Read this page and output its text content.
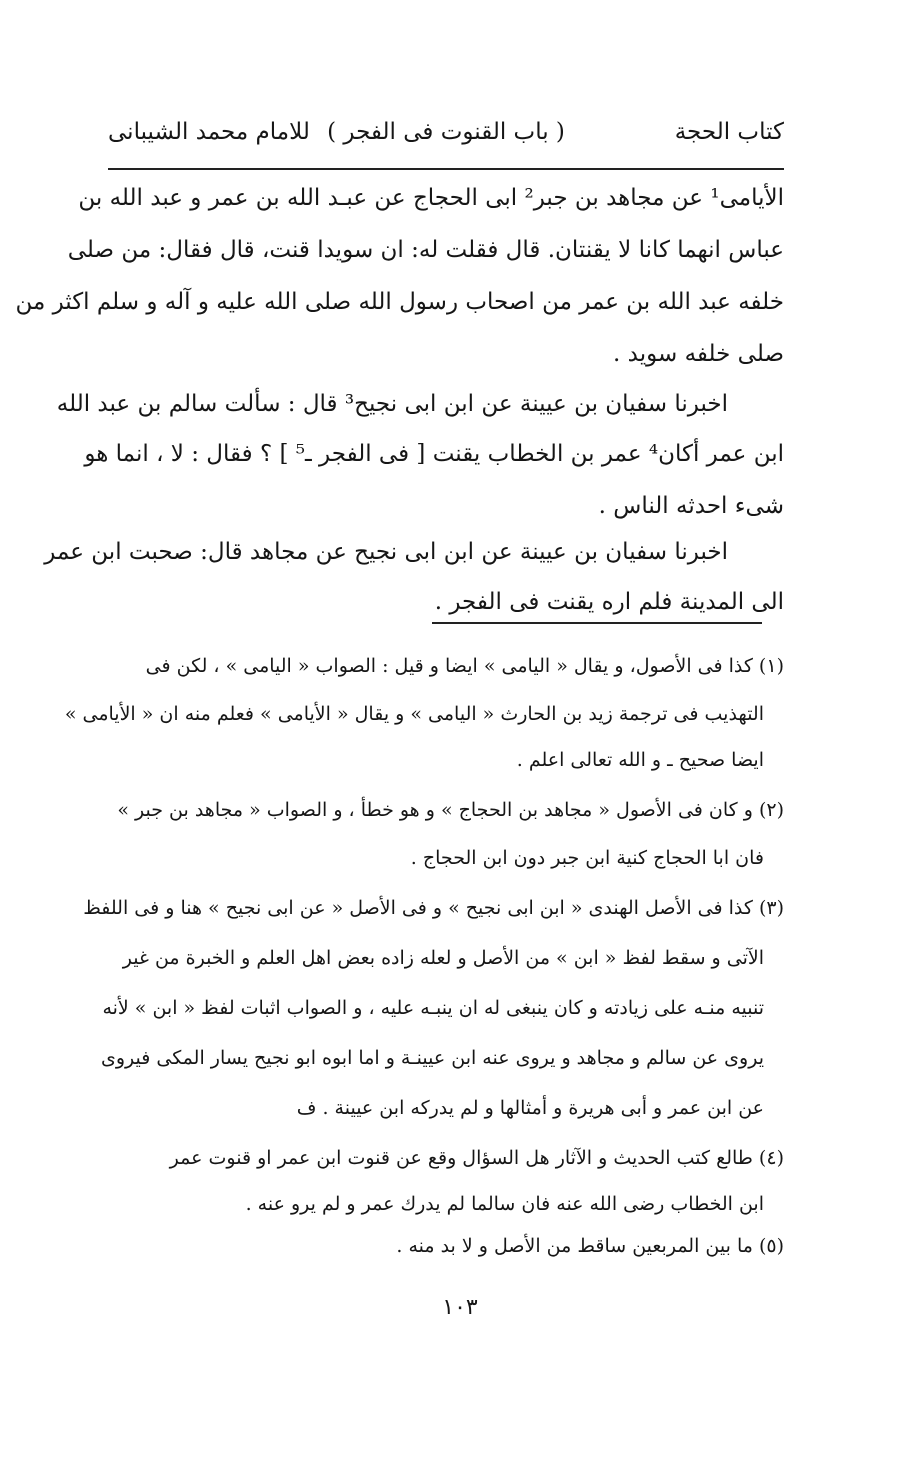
كتاب الحجة
( باب القنوت فى الفجر )
للامام محمد الشيبانى
الأيامى¹ عن مجاهد بن جبر² ابى الحجاج عن عبـد الله بن عمر و عبد الله بن
عباس انهما كانا لا يقنتان. قال فقلت له: ان سويدا قنت، قال فقال: من صلى
خلفه عبد الله بن عمر من اصحاب رسول الله صلى الله عليه و آله و سلم اكثر من
صلى خلفه سويد .
اخبرنا سفيان بن عيينة عن ابن ابى نجيح³ قال : سألت سالم بن عبد الله
ابن عمر أكان⁴ عمر بن الخطاب يقنت [ فى الفجر ـ⁵ ] ؟ فقال : لا ، انما هو
شىء احدثه الناس .
اخبرنا سفيان بن عيينة عن ابن ابى نجيح عن مجاهد قال: صحبت ابن عمر
الى المدينة فلم اره يقنت فى الفجر .
(١) كذا فى الأصول، و يقال « اليامى » ايضا و قيل : الصواب « اليامى » ، لكن فى
التهذيب فى ترجمة زيد بن الحارث « اليامى » و يقال « الأيامى » فعلم منه ان « الأيامى »
ايضا صحيح ـ و الله تعالى اعلم .
(٢) و كان فى الأصول « مجاهد بن الحجاج » و هو خطأ ، و الصواب « مجاهد بن جبر »
فان ابا الحجاج كنية ابن جبر دون ابن الحجاج .
(٣) كذا فى الأصل الهندى « ابن ابى نجيح » و فى الأصل « عن ابى نجيح » هنا و فى اللفظ
الآتى و سقط لفظ « ابن » من الأصل و لعله زاده بعض اهل العلم و الخبرة من غير
تنبيه منـه على زيادته و كان ينبغى له ان ينبـه عليه ، و الصواب اثبات لفظ « ابن » لأنه
يروى عن سالم و مجاهد و يروى عنه ابن عيينـة و اما ابوه ابو نجيح يسار المكى فيروى
عن ابن عمر و أبى هريرة و أمثالها و لم يدركه ابن عيينة . ف
(٤) طالع كتب الحديث و الآثار هل السؤال وقع عن قنوت ابن عمر او قنوت عمر
ابن الخطاب رضى الله عنه فان سالما لم يدرك عمر و لم يرو عنه .
(٥) ما بين المربعين ساقط من الأصل و لا بد منه .
١٠٣
